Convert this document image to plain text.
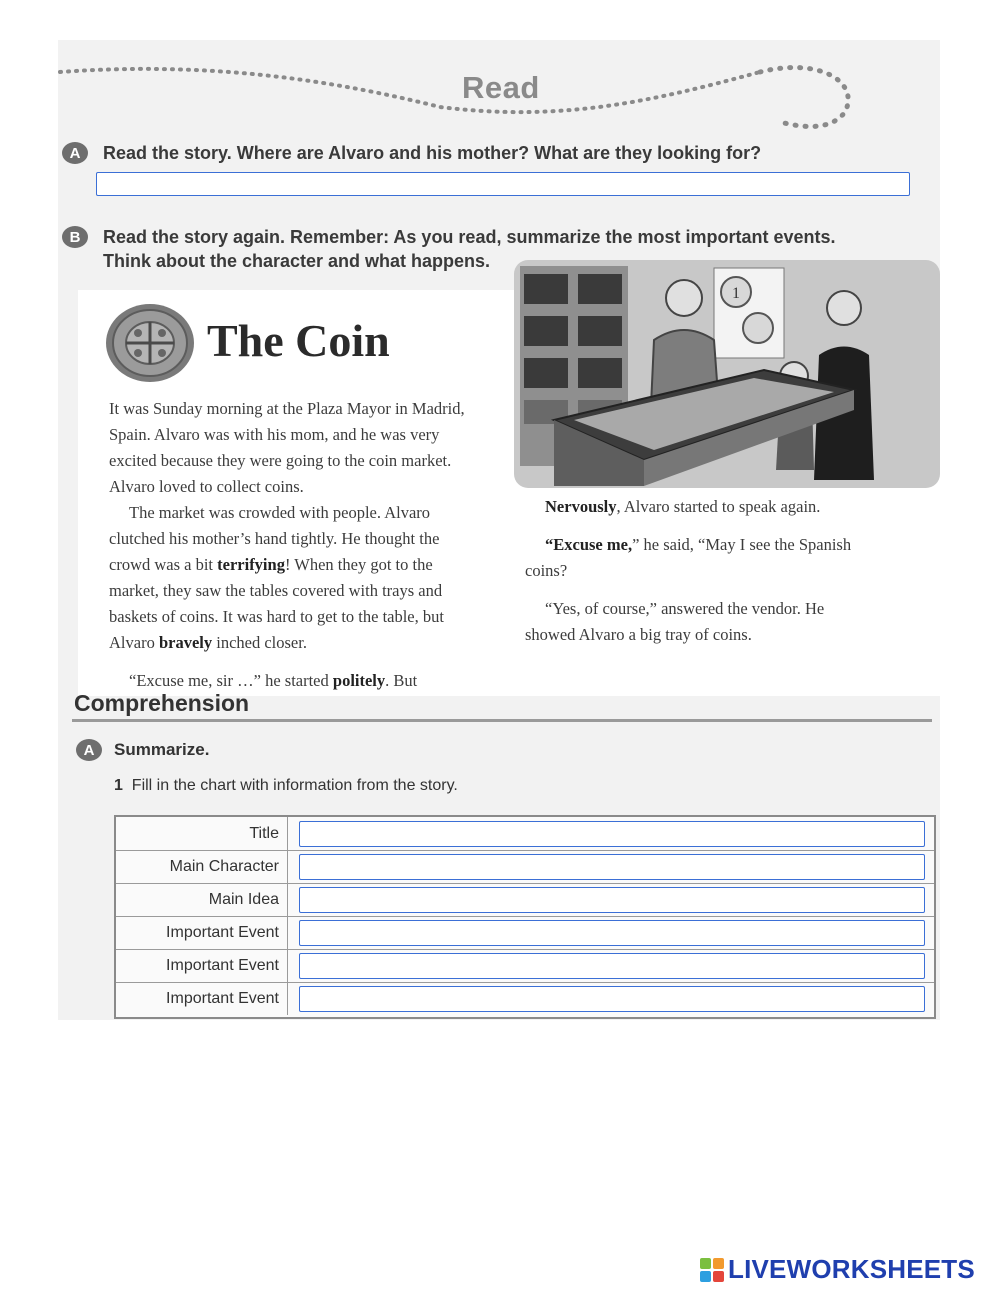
Read
A	Read the story. Where are Alvaro and his mother? What are they looking for?
B	Read the story again. Remember: As you read, summarize the most important events.
Think about the character and what happens.
The Coin
1

It was Sunday morning at the Plaza Mayor in Madrid, Spain. Alvaro was with his mom, and he was very excited because they were going to the coin market. Alvaro loved to collect coins.

The market was crowded with people. Alvaro clutched his mother’s hand tightly. He thought the crowd was a bit terrifying! When they got to the market, they saw the tables covered with trays and baskets of coins. It was hard to get to the table, but Alvaro bravely inched closer.

“Excuse me, sir …” he started politely. But

Nervously, Alvaro started to speak again.

“Excuse me,” he said, “May I see the Spanish coins?

“Yes, of course,” answered the vendor. He showed Alvaro a big tray of coins.

Comprehension
A	Summarize.
1 Fill in the chart with information from the story.
Title
Main Character
Main Idea
Important Event
Important Event
Important Event
LIVEWORKSHEETS
